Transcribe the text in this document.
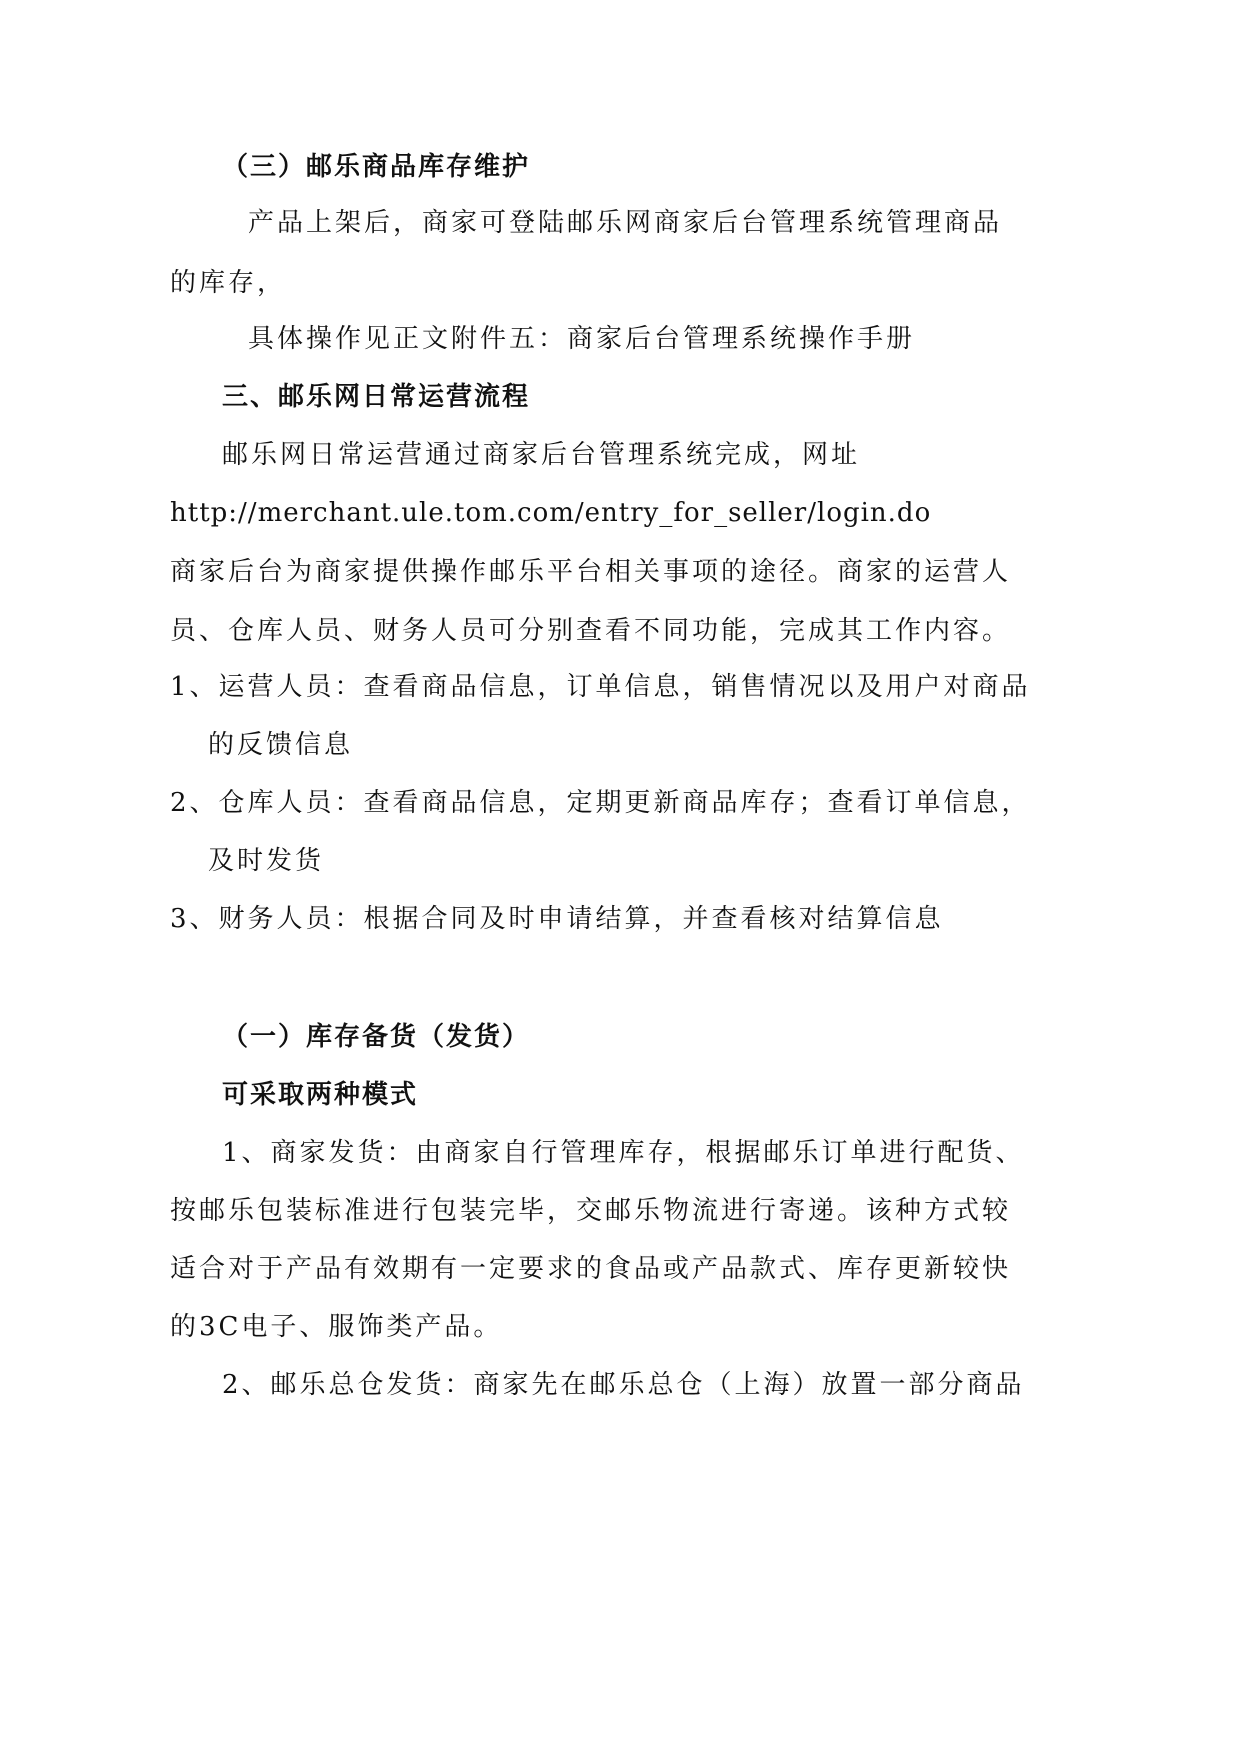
（三）邮乐商品库存维护
产品上架后，商家可登陆邮乐网商家后台管理系统管理商品
的库存，
具体操作见正文附件五：商家后台管理系统操作手册
三、邮乐网日常运营流程
邮乐网日常运营通过商家后台管理系统完成，网址
http://merchant.ule.tom.com/entry_for_seller/login.do
商家后台为商家提供操作邮乐平台相关事项的途径。商家的运营人
员、仓库人员、财务人员可分别查看不同功能，完成其工作内容。
1、运营人员：查看商品信息，订单信息，销售情况以及用户对商品
的反馈信息
2、仓库人员：查看商品信息，定期更新商品库存；查看订单信息，
及时发货
3、财务人员：根据合同及时申请结算，并查看核对结算信息
（一）库存备货（发货）
可采取两种模式
1、商家发货：由商家自行管理库存，根据邮乐订单进行配货、
按邮乐包装标准进行包装完毕，交邮乐物流进行寄递。该种方式较
适合对于产品有效期有一定要求的食品或产品款式、库存更新较快
的3C电子、服饰类产品。
2、邮乐总仓发货：商家先在邮乐总仓（上海）放置一部分商品
